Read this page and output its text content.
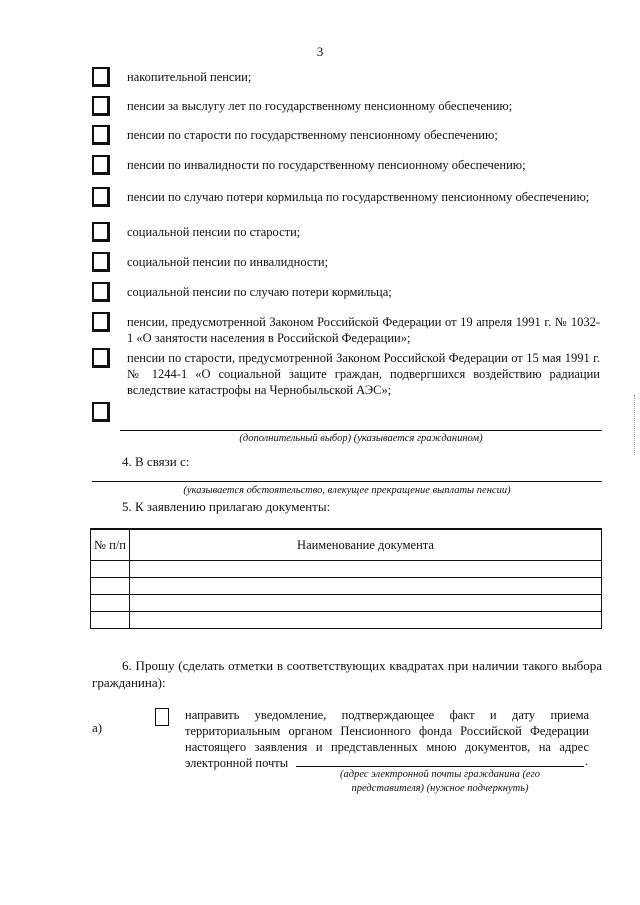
3
накопительной пенсии;
пенсии за выслугу лет по государственному пенсионному обеспечению;
пенсии по старости по государственному пенсионному обеспечению;
пенсии по инвалидности по государственному пенсионному обеспечению;
пенсии по случаю потери кормильца по государственному пенсионному обеспечению;
социальной пенсии по старости;
социальной пенсии по инвалидности;
социальной пенсии по случаю потери кормильца;
пенсии, предусмотренной Законом Российской Федерации от 19 апреля 1991 г. № 1032-1 «О занятости населения в Российской Федерации»;
пенсии по старости, предусмотренной Законом Российской Федерации от 15 мая 1991 г. № 1244-1 «О социальной защите граждан, подвергшихся воздействию радиации вследствие катастрофы на Чернобыльской АЭС»;
(дополнительный выбор) (указывается гражданином)
4. В связи с:
(указывается обстоятельство, влекущее прекращение выплаты пенсии)
5. К заявлению прилагаю документы:
№ п/п	Наименование документа

6. Прошу (сделать отметки в соответствующих квадратах при наличии такого выбора гражданина):
а)
направить уведомление, подтверждающее факт и дату приема территориальным органом Пенсионного фонда Российской Федерации настоящего заявления и представленных мною документов, на адрес электронной почты	.
(адрес электронной почты гражданина (его
представителя) (нужное подчеркнуть)
